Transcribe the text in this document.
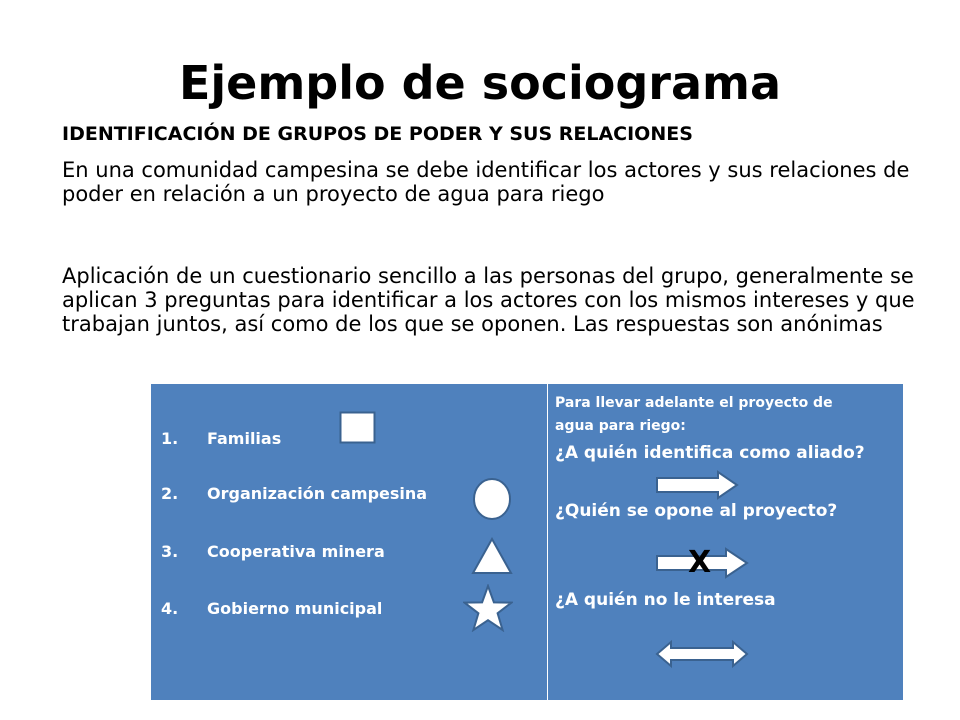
Ejemplo de sociograma
IDENTIFICACIÓN DE GRUPOS DE PODER Y SUS RELACIONES
En una comunidad campesina se debe identificar los actores y sus relaciones de poder en relación a un proyecto de agua para riego
Aplicación de un cuestionario sencillo a las personas del grupo, generalmente se aplican 3 preguntas para identificar a los actores con los mismos intereses y que trabajan juntos, así como de los que se oponen. Las respuestas son anónimas
1. Familias
2. Organización campesina
3. Cooperativa minera
4. Gobierno municipal
Para llevar adelante el proyecto de
agua para riego:
¿A quién identifica como aliado?
¿Quién se opone al proyecto?
X
¿A quién no le interesa
